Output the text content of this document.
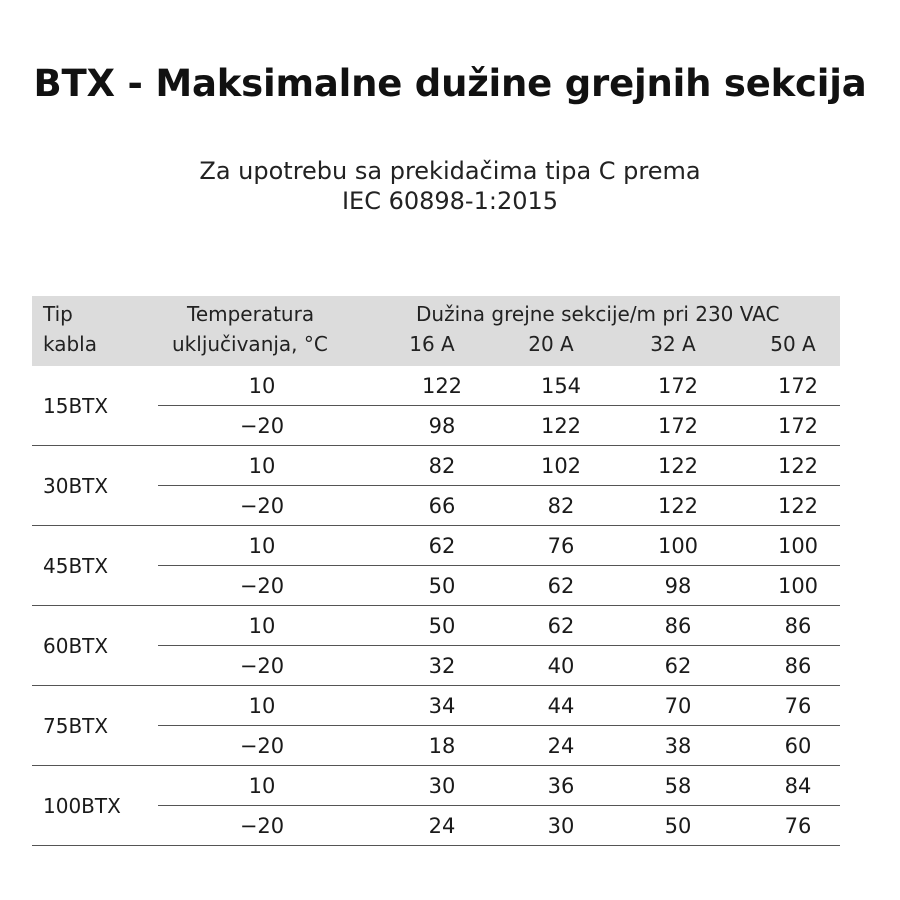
BTX - Maksimalne dužine grejnih sekcija
Za upotrebu sa prekidačima tipa C prema
IEC 60898-1:2015
Tip
kabla
Temperatura
uključivanja, °C
Dužina grejne sekcije/m pri 230 VAC
16 A	20 A	32 A	50 A
15BTX
10	122	154	172	172
−20	98	122	172	172
30BTX
10	82	102	122	122
−20	66	82	122	122
45BTX
10	62	76	100	100
−20	50	62	98	100
60BTX
10	50	62	86	86
−20	32	40	62	86
75BTX
10	34	44	70	76
−20	18	24	38	60
100BTX
10	30	36	58	84
−20	24	30	50	76
